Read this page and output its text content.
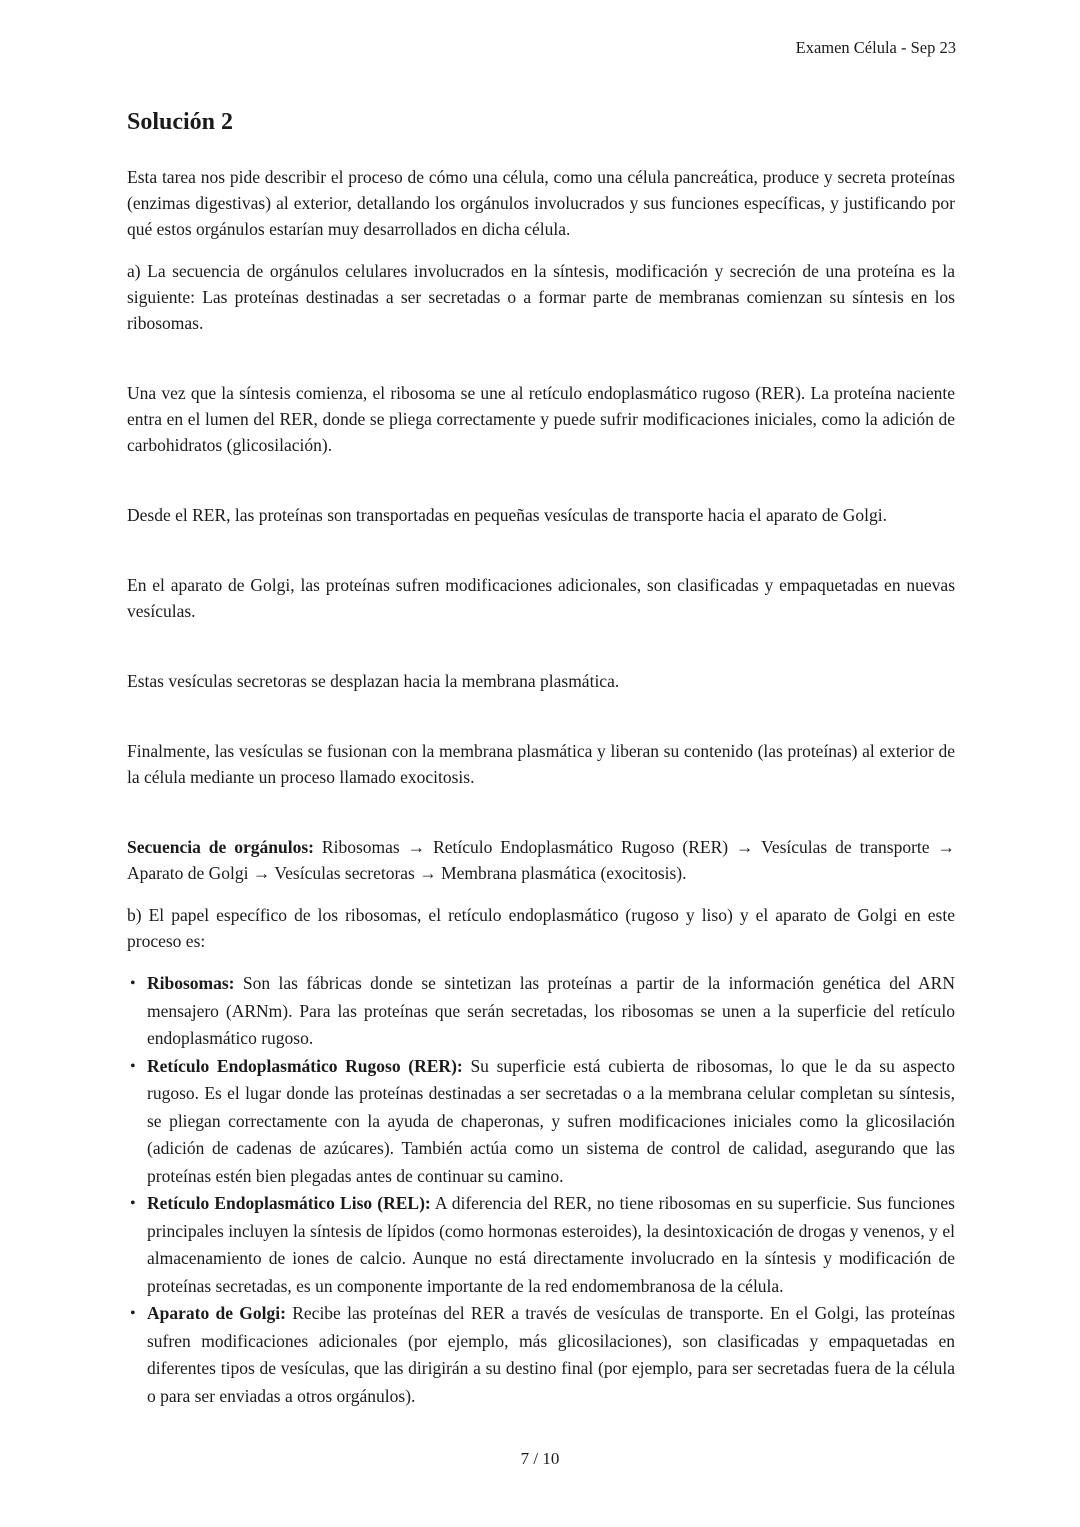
Examen Célula - Sep 23
Solución 2

Esta tarea nos pide describir el proceso de cómo una célula, como una célula pancreática, produce y secreta proteínas (enzimas digestivas) al exterior, detallando los orgánulos involucrados y sus funciones específicas, y justificando por qué estos orgánulos estarían muy desarrollados en dicha célula.

a) La secuencia de orgánulos celulares involucrados en la síntesis, modificación y secreción de una proteína es la siguiente: Las proteínas destinadas a ser secretadas o a formar parte de membranas comienzan su síntesis en los ribosomas.

Una vez que la síntesis comienza, el ribosoma se une al retículo endoplasmático rugoso (RER). La proteína naciente entra en el lumen del RER, donde se pliega correctamente y puede sufrir modificaciones iniciales, como la adición de carbohidratos (glicosilación).

Desde el RER, las proteínas son transportadas en pequeñas vesículas de transporte hacia el aparato de Golgi.

En el aparato de Golgi, las proteínas sufren modificaciones adicionales, son clasificadas y empaquetadas en nuevas vesículas.

Estas vesículas secretoras se desplazan hacia la membrana plasmática.

Finalmente, las vesículas se fusionan con la membrana plasmática y liberan su contenido (las proteínas) al exterior de la célula mediante un proceso llamado exocitosis.

Secuencia de orgánulos: Ribosomas → Retículo Endoplasmático Rugoso (RER) → Vesículas de transporte → Aparato de Golgi → Vesículas secretoras → Membrana plasmática (exocitosis).

b) El papel específico de los ribosomas, el retículo endoplasmático (rugoso y liso) y el aparato de Golgi en este proceso es:

• Ribosomas: Son las fábricas donde se sintetizan las proteínas a partir de la información genética del ARN mensajero (ARNm). Para las proteínas que serán secretadas, los ribosomas se unen a la superficie del retículo endoplasmático rugoso.
• Retículo Endoplasmático Rugoso (RER): Su superficie está cubierta de ribosomas, lo que le da su aspecto rugoso. Es el lugar donde las proteínas destinadas a ser secretadas o a la membrana celular completan su síntesis, se pliegan correctamente con la ayuda de chaperonas, y sufren modificaciones iniciales como la glicosilación (adición de cadenas de azúcares). También actúa como un sistema de control de calidad, asegurando que las proteínas estén bien plegadas antes de continuar su camino.
• Retículo Endoplasmático Liso (REL): A diferencia del RER, no tiene ribosomas en su superficie. Sus funciones principales incluyen la síntesis de lípidos (como hormonas esteroides), la desintoxicación de drogas y venenos, y el almacenamiento de iones de calcio. Aunque no está directamente involucrado en la síntesis y modificación de proteínas secretadas, es un componente importante de la red endomembranosa de la célula.
• Aparato de Golgi: Recibe las proteínas del RER a través de vesículas de transporte. En el Golgi, las proteínas sufren modificaciones adicionales (por ejemplo, más glicosilaciones), son clasificadas y empaquetadas en diferentes tipos de vesículas, que las dirigirán a su destino final (por ejemplo, para ser secretadas fuera de la célula o para ser enviadas a otros orgánulos).
7 / 10
